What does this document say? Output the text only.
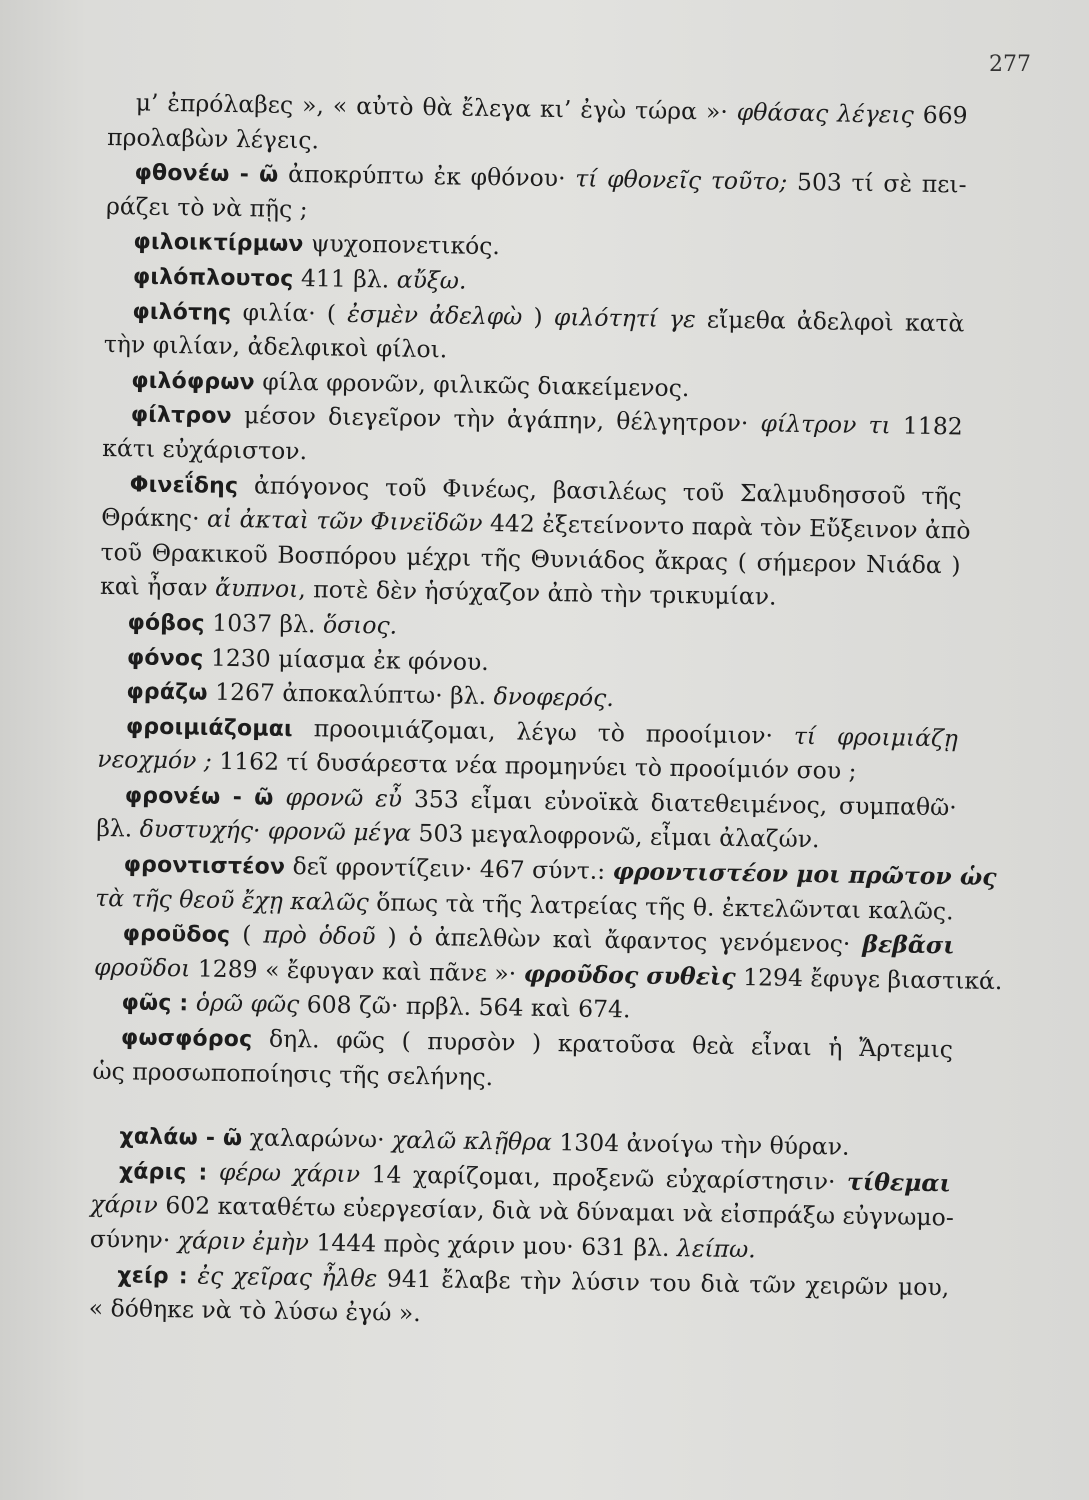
277
μ’ ἐπρόλαβες », « αὐτὸ θὰ ἔλεγα κι’ ἐγὼ τώρα »· φθάσας λέγεις 669
προλαβὼν λέγεις.
φθονέω - ῶ ἀποκρύπτω ἐκ φθόνου· τί φθονεῖς τοῦτο; 503 τί σὲ πει-
ράζει τὸ νὰ πῇς ;
φιλοικτίρμων ψυχοπονετικός.
φιλόπλουτος 411 βλ. αὔξω.
φιλότης φιλία· ( ἐσμὲν ἀδελφὼ ) φιλότητί γε εἴμεθα ἀδελφοὶ κατὰ
τὴν φιλίαν, ἀδελφικοὶ φίλοι.
φιλόφρων φίλα φρονῶν, φιλικῶς διακείμενος.
φίλτρον μέσον διεγεῖρον τὴν ἀγάπην, θέλγητρον· φίλτρον τι 1182
κάτι εὐχάριστον.
Φινεΐδης ἀπόγονος τοῦ Φινέως, βασιλέως τοῦ Σαλμυδησσοῦ τῆς
Θράκης· αἱ ἀκταὶ τῶν Φινεϊδῶν 442 ἐξετείνοντο παρὰ τὸν Εὔξεινον ἀπὸ
τοῦ Θρακικοῦ Βοσπόρου μέχρι τῆς Θυνιάδος ἄκρας ( σήμερον Νιάδα )
καὶ ἦσαν ἄυπνοι, ποτὲ δὲν ἡσύχαζον ἀπὸ τὴν τρικυμίαν.
φόβος 1037 βλ. ὅσιος.
φόνος 1230 μίασμα ἐκ φόνου.
φράζω 1267 ἀποκαλύπτω· βλ. δνοφερός.
φροιμιάζομαι προοιμιάζομαι, λέγω τὸ προοίμιον· τί φροιμιάζῃ
νεοχμόν ; 1162 τί δυσάρεστα νέα προμηνύει τὸ προοίμιόν σου ;
φρονέω - ῶ φρονῶ εὖ 353 εἶμαι εὐνοϊκὰ διατεθειμένος, συμπαθῶ·
βλ. δυστυχής· φρονῶ μέγα 503 μεγαλοφρονῶ, εἶμαι ἀλαζών.
φροντιστέον δεῖ φροντίζειν· 467 σύντ.: φροντιστέον μοι πρῶτον ὡς
τὰ τῆς θεοῦ ἔχῃ καλῶς ὅπως τὰ τῆς λατρείας τῆς θ. ἐκτελῶνται καλῶς.
φροῦδος ( πρὸ ὁδοῦ ) ὁ ἀπελθὼν καὶ ἄφαντος γενόμενος· βεβᾶσι
φροῦδοι 1289 « ἔφυγαν καὶ πᾶνε »· φροῦδος συθεὶς 1294 ἔφυγε βιαστικά.
φῶς : ὁρῶ φῶς 608 ζῶ· πρβλ. 564 καὶ 674.
φωσφόρος δηλ. φῶς ( πυρσὸν ) κρατοῦσα θεὰ εἶναι ἡ Ἄρτεμις
ὡς προσωποποίησις τῆς σελήνης.
χαλάω - ῶ χαλαρώνω· χαλῶ κλῇθρα 1304 ἀνοίγω τὴν θύραν.
χάρις : φέρω χάριν 14 χαρίζομαι, προξενῶ εὐχαρίστησιν· τίθεμαι
χάριν 602 καταθέτω εὐεργεσίαν, διὰ νὰ δύναμαι νὰ εἰσπράξω εὐγνωμο-
σύνην· χάριν ἐμὴν 1444 πρὸς χάριν μου· 631 βλ. λείπω.
χείρ : ἐς χεῖρας ἦλθε 941 ἔλαβε τὴν λύσιν του διὰ τῶν χειρῶν μου,
« δόθηκε νὰ τὸ λύσω ἐγώ ».
